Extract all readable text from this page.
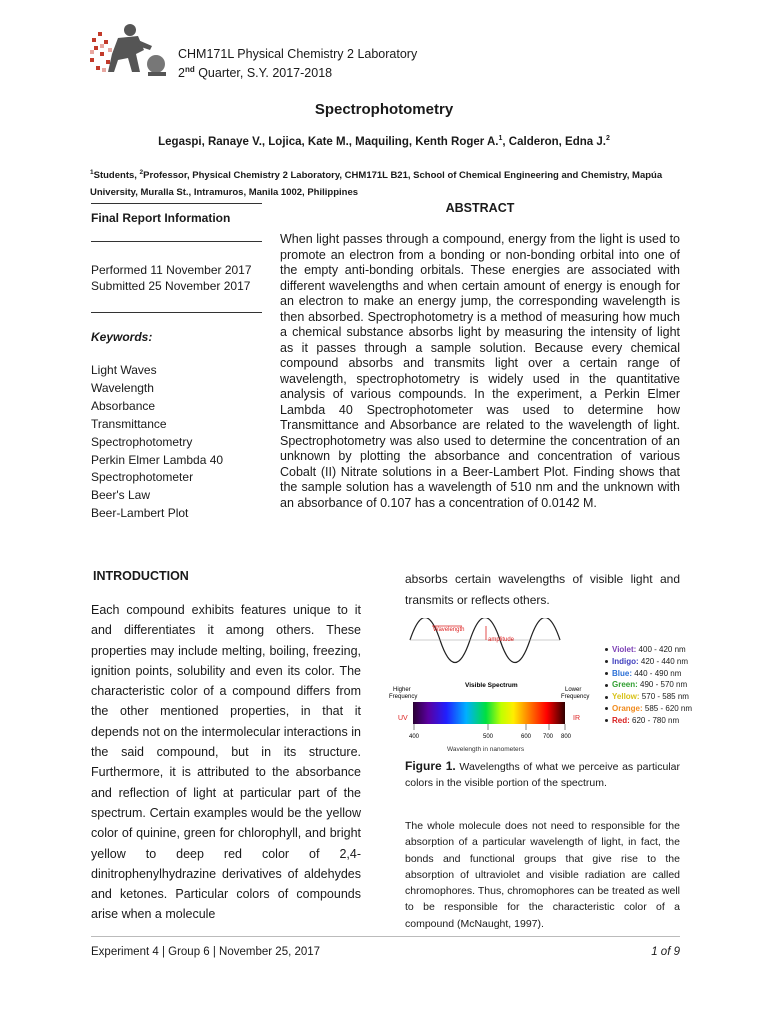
CHM171L Physical Chemistry 2 Laboratory
2nd Quarter, S.Y. 2017-2018
Spectrophotometry
Legaspi, Ranaye V., Lojica, Kate M., Maquiling, Kenth Roger A.$^1$, Calderon, Edna J.$^2$
$^1$Students, $^2$Professor, Physical Chemistry 2 Laboratory, CHM171L B21, School of Chemical Engineering and Chemistry, Mapúa University, Muralla St., Intramuros, Manila 1002, Philippines
Final Report Information
Performed 11 November 2017
Submitted 25 November 2017
Keywords:
Light Waves
Wavelength
Absorbance
Transmittance
Spectrophotometry
Perkin Elmer Lambda 40
Spectrophotometer
Beer's Law
Beer-Lambert Plot
ABSTRACT
When light passes through a compound, energy from the light is used to promote an electron from a bonding or non-bonding orbital into one of the empty anti-bonding orbitals. These energies are associated with different wavelengths and when certain amount of energy is enough for an electron to make an energy jump, the corresponding wavelength is then absorbed. Spectrophotometry is a method of measuring how much a chemical substance absorbs light by measuring the intensity of light as it passes through a sample solution. Because every chemical compound absorbs and transmits light over a certain range of wavelength, spectrophotometry is widely used in the quantitative analysis of various compounds. In the experiment, a Perkin Elmer Lambda 40 Spectrophotometer was used to determine how Transmittance and Absorbance are related to the wavelength of light. Spectrophotometry was also used to determine the concentration of an unknown by plotting the absorbance and concentration of various Cobalt (II) Nitrate solutions in a Beer-Lambert Plot. Finding shows that the sample solution has a wavelength of 510 nm and the unknown with an absorbance of 0.107 has a concentration of 0.0142 M.
INTRODUCTION
Each compound exhibits features unique to it and differentiates it among others. These properties may include melting, boiling, freezing, ignition points, solubility and even its color. The characteristic color of a compound differs from the other mentioned properties, in that it depends not on the intermolecular interactions in the said compound, but in its structure. Furthermore, it is attributed to the absorbance and reflection of light at particular part of the spectrum. Certain examples would be the yellow color of quinine, green for chlorophyll, and bright yellow to deep red color of 2,4-dinitrophenylhydrazine derivatives of aldehydes and ketones. Particular colors of compounds arise when a molecule
absorbs certain wavelengths of visible light and transmits or reflects others.
Wavelength
amplitude
Visible Spectrum
Higher
Frequency
Lower
Frequency
UV	IR
400	500	600 700 800
Wavelength in nanometers
Violet: 400 - 420 nm
Indigo: 420 - 440 nm
Blue: 440 - 490 nm
Green: 490 - 570 nm
Yellow: 570 - 585 nm
Orange: 585 - 620 nm
Red: 620 - 780 nm
Figure 1. Wavelengths of what we perceive as particular colors in the visible portion of the spectrum.
The whole molecule does not need to responsible for the absorption of a particular wavelength of light, in fact, the bonds and functional groups that give rise to the absorption of ultraviolet and visible radiation are called chromophores. Thus, chromophores can be treated as well to be responsible for the characteristic color of a compound (McNaught, 1997).
Experiment 4 | Group 6 | November 25, 2017	1 of 9
